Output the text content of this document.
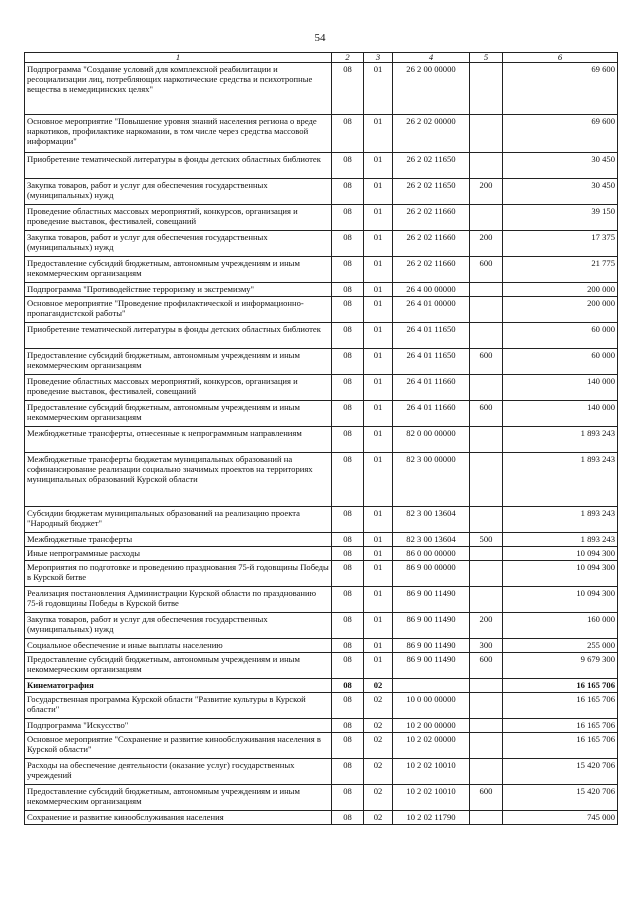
54
1	2	3	4	5	6
Подпрограмма "Создание условий для комплексной реабилитации и ресоциализации лиц, потребляющих наркотические средства и психотропные вещества в немедицинских целях"	08	01	26 2 00 00000		69 600
Основное мероприятие "Повышение уровня знаний населения региона о вреде наркотиков, профилактике наркомании, в том числе через средства массовой информации"	08	01	26 2 02 00000		69 600
Приобретение тематической литературы в фонды детских областных библиотек	08	01	26 2 02 11650		30 450
Закупка товаров, работ и услуг для обеспечения государственных (муниципальных) нужд	08	01	26 2 02 11650	200	30 450
Проведение областных массовых мероприятий, конкурсов, организация и проведение выставок, фестивалей, совещаний	08	01	26 2 02 11660		39 150
Закупка товаров, работ и услуг для обеспечения государственных (муниципальных) нужд	08	01	26 2 02 11660	200	17 375
Предоставление субсидий бюджетным, автономным учреждениям и иным некоммерческим организациям	08	01	26 2 02 11660	600	21 775
Подпрограмма "Противодействие терроризму и экстремизму"	08	01	26 4 00 00000		200 000
Основное мероприятие "Проведение профилактической и информационно-пропагандистской работы"	08	01	26 4 01 00000		200 000
Приобретение тематической литературы в фонды детских областных библиотек	08	01	26 4 01 11650		60 000
Предоставление субсидий бюджетным, автономным учреждениям и иным некоммерческим организациям	08	01	26 4 01 11650	600	60 000
Проведение областных массовых мероприятий, конкурсов, организация и проведение выставок, фестивалей, совещаний	08	01	26 4 01 11660		140 000
Предоставление субсидий бюджетным, автономным учреждениям и иным некоммерческим организациям	08	01	26 4 01 11660	600	140 000
Межбюджетные трансферты, отнесенные к непрограммным направлениям	08	01	82 0 00 00000		1 893 243
Межбюджетные трансферты бюджетам муниципальных образований на софинансирование реализации социально значимых проектов на территориях муниципальных образований Курской области	08	01	82 3 00 00000		1 893 243
Субсидии бюджетам муниципальных образований на реализацию проекта "Народный бюджет"	08	01	82 3 00 13604		1 893 243
Межбюджетные трансферты	08	01	82 3 00 13604	500	1 893 243
Иные непрограммные расходы	08	01	86 0 00 00000		10 094 300
Мероприятия по подготовке и проведению празднования 75-й годовщины Победы в Курской битве	08	01	86 9 00 00000		10 094 300
Реализация постановления Администрации Курской области по празднованию 75-й годовщины Победы в Курской битве	08	01	86 9 00 11490		10 094 300
Закупка товаров, работ и услуг для обеспечения государственных (муниципальных) нужд	08	01	86 9 00 11490	200	160 000
Социальное обеспечение и иные выплаты населению	08	01	86 9 00 11490	300	255 000
Предоставление субсидий бюджетным, автономным учреждениям и иным некоммерческим организациям	08	01	86 9 00 11490	600	9 679 300
Кинематография	08	02			16 165 706
Государственная программа Курской области "Развитие культуры в Курской области"	08	02	10 0 00 00000		16 165 706
Подпрограмма "Искусство"	08	02	10 2 00 00000		16 165 706
Основное мероприятие "Сохранение и развитие кинообслуживания населения в Курской области"	08	02	10 2 02 00000		16 165 706
Расходы на обеспечение деятельности (оказание услуг) государственных учреждений	08	02	10 2 02 10010		15 420 706
Предоставление субсидий бюджетным, автономным учреждениям и иным некоммерческим организациям	08	02	10 2 02 10010	600	15 420 706
Сохранение и развитие кинообслуживания населения	08	02	10 2 02 11790		745 000
